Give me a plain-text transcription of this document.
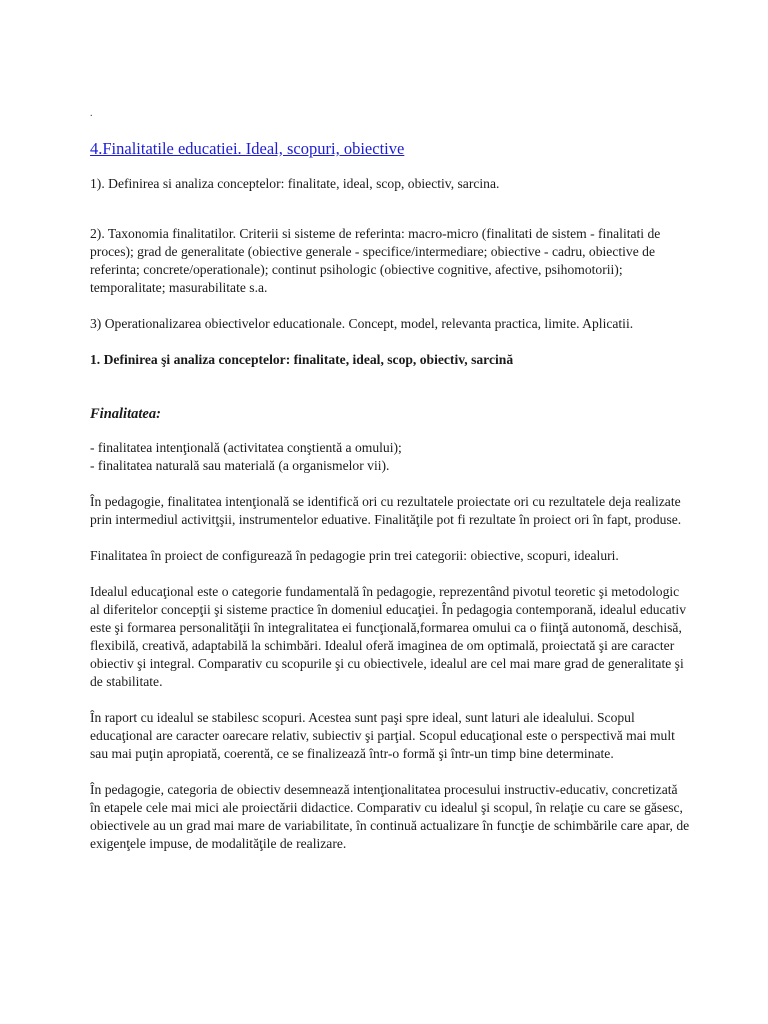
.
4.Finalitatile educatiei. Ideal, scopuri, obiective

1). Definirea si analiza conceptelor: finalitate, ideal, scop, obiectiv, sarcina.

2). Taxonomia finalitatilor. Criterii si sisteme de referinta: macro-micro (finalitati de sistem - finalitati de proces); grad de generalitate (obiective generale - specifice/intermediare; obiective - cadru, obiective de referinta; concrete/operationale); continut psihologic (obiective cognitive, afective, psihomotorii); temporalitate; masurabilitate s.a.

3) Operationalizarea obiectivelor educationale. Concept, model, relevanta practica, limite. Aplicatii.

1. Definirea şi analiza conceptelor: finalitate, ideal, scop, obiectiv, sarcină

Finalitatea:

- finalitatea intenţională (activitatea conştientă a omului);
- finalitatea naturală sau materială (a organismelor vii).

În pedagogie, finalitatea intenţională se identifică ori cu rezultatele proiectate ori cu rezultatele deja realizate prin intermediul activitţşii, instrumentelor eduative. Finalităţile pot fi rezultate în proiect ori în fapt, produse.

Finalitatea în proiect de configurează în pedagogie prin trei categorii: obiective, scopuri, idealuri.

Idealul educaţional este o categorie fundamentală în pedagogie, reprezentând pivotul teoretic şi metodologic al diferitelor concepţii şi sisteme practice în domeniul educaţiei. În pedagogia contemporană, idealul educativ este şi formarea personalităţii în integralitatea ei funcţională,formarea omului ca o fiinţă autonomă, deschisă, flexibilă, creativă, adaptabilă la schimbări. Idealul oferă imaginea de om optimală, proiectată şi are caracter obiectiv şi integral. Comparativ cu scopurile şi cu obiectivele, idealul are cel mai mare grad de generalitate şi de stabilitate.

În raport cu idealul se stabilesc scopuri. Acestea sunt paşi spre ideal, sunt laturi ale idealului. Scopul educaţional are caracter oarecare relativ, subiectiv şi parţial. Scopul educaţional este o perspectivă mai mult sau mai puţin apropiată, coerentă, ce se finalizează într-o formă şi într-un timp bine determinate.

În pedagogie, categoria de obiectiv desemnează intenţionalitatea procesului instructiv-educativ, concretizată în etapele cele mai mici ale proiectării didactice. Comparativ cu idealul şi scopul, în relaţie cu care se găsesc, obiectivele au un grad mai mare de variabilitate, în continuă actualizare în funcţie de schimbările care apar, de exigenţele impuse, de modalităţile de realizare.
